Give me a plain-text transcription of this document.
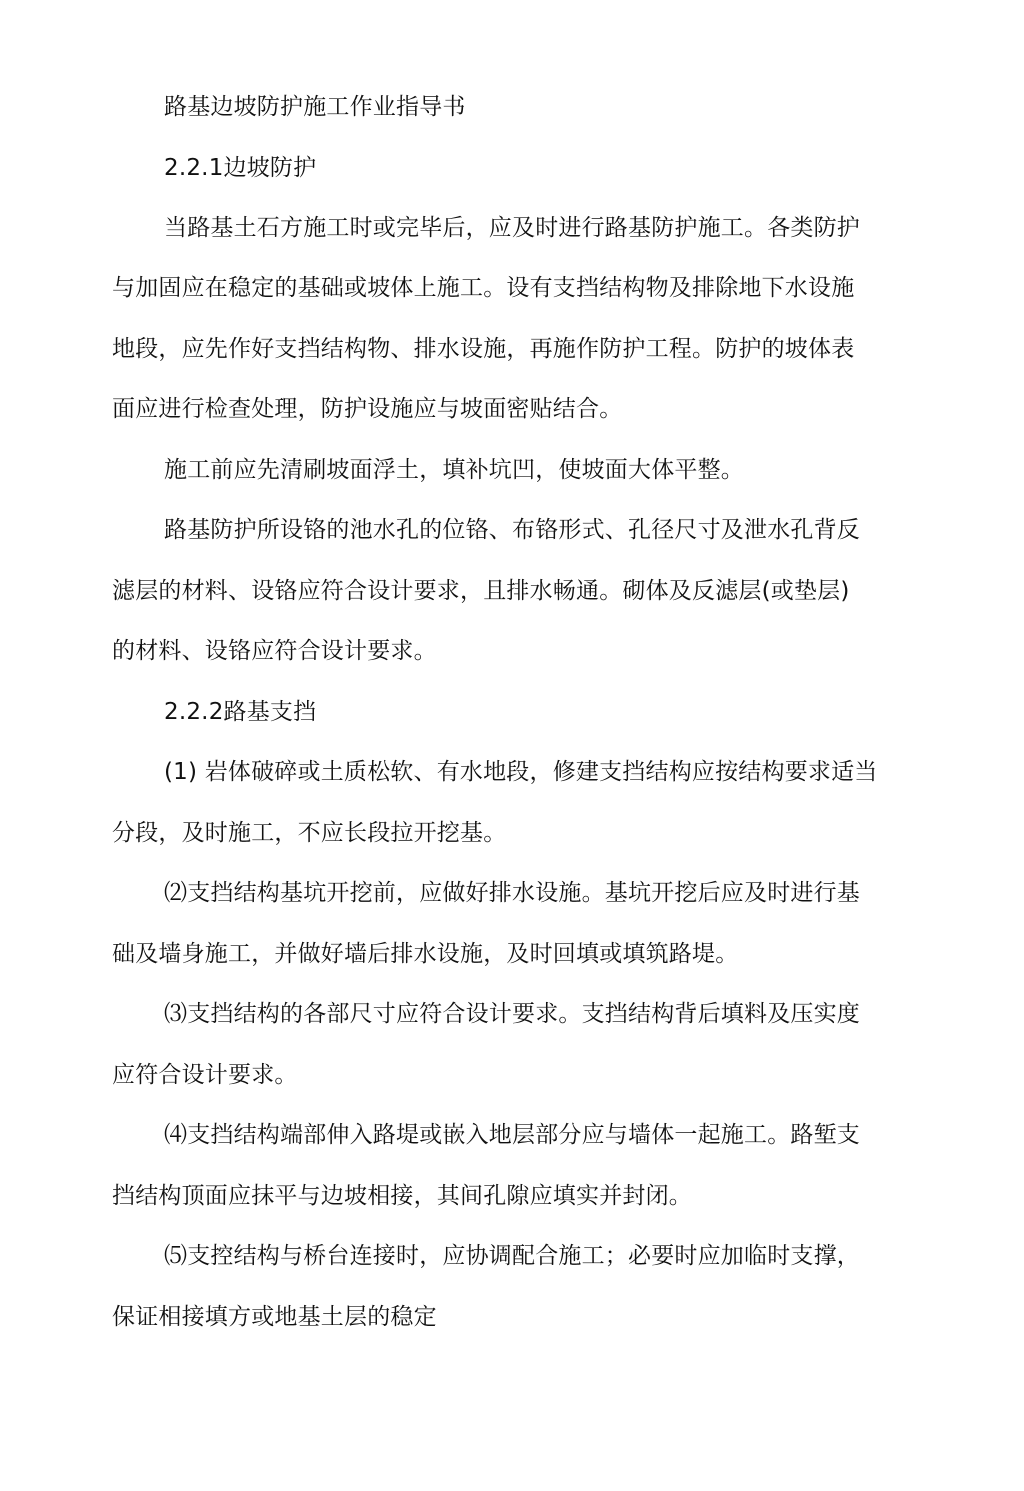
路基边坡防护施工作业指导书
2.2.1边坡防护
当路基土石方施工时或完毕后，应及时进行路基防护施工。各类防护
与加固应在稳定的基础或坡体上施工。设有支挡结构物及排除地下水设施
地段，应先作好支挡结构物、排水设施，再施作防护工程。防护的坡体表
面应进行检查处理，防护设施应与坡面密贴结合。
施工前应先清刷坡面浮土，填补坑凹，使坡面大体平整。
路基防护所设铬的池水孔的位铬、布铬形式、孔径尺寸及泄水孔背反
滤层的材料、设铬应符合设计要求，且排水畅通。砌体及反滤层(或垫层)
的材料、设铬应符合设计要求。
2.2.2路基支挡
(1) 岩体破碎或土质松软、有水地段，修建支挡结构应按结构要求适当
分段，及时施工，不应长段拉开挖基。
⑵支挡结构基坑开挖前，应做好排水设施。基坑开挖后应及时进行基
础及墙身施工，并做好墙后排水设施，及时回填或填筑路堤。
⑶支挡结构的各部尺寸应符合设计要求。支挡结构背后填料及压实度
应符合设计要求。
⑷支挡结构端部伸入路堤或嵌入地层部分应与墙体一起施工。路堑支
挡结构顶面应抹平与边坡相接，其间孔隙应填实并封闭。
⑸支控结构与桥台连接时，应协调配合施工；必要时应加临时支撑，
保证相接填方或地基土层的稳定
